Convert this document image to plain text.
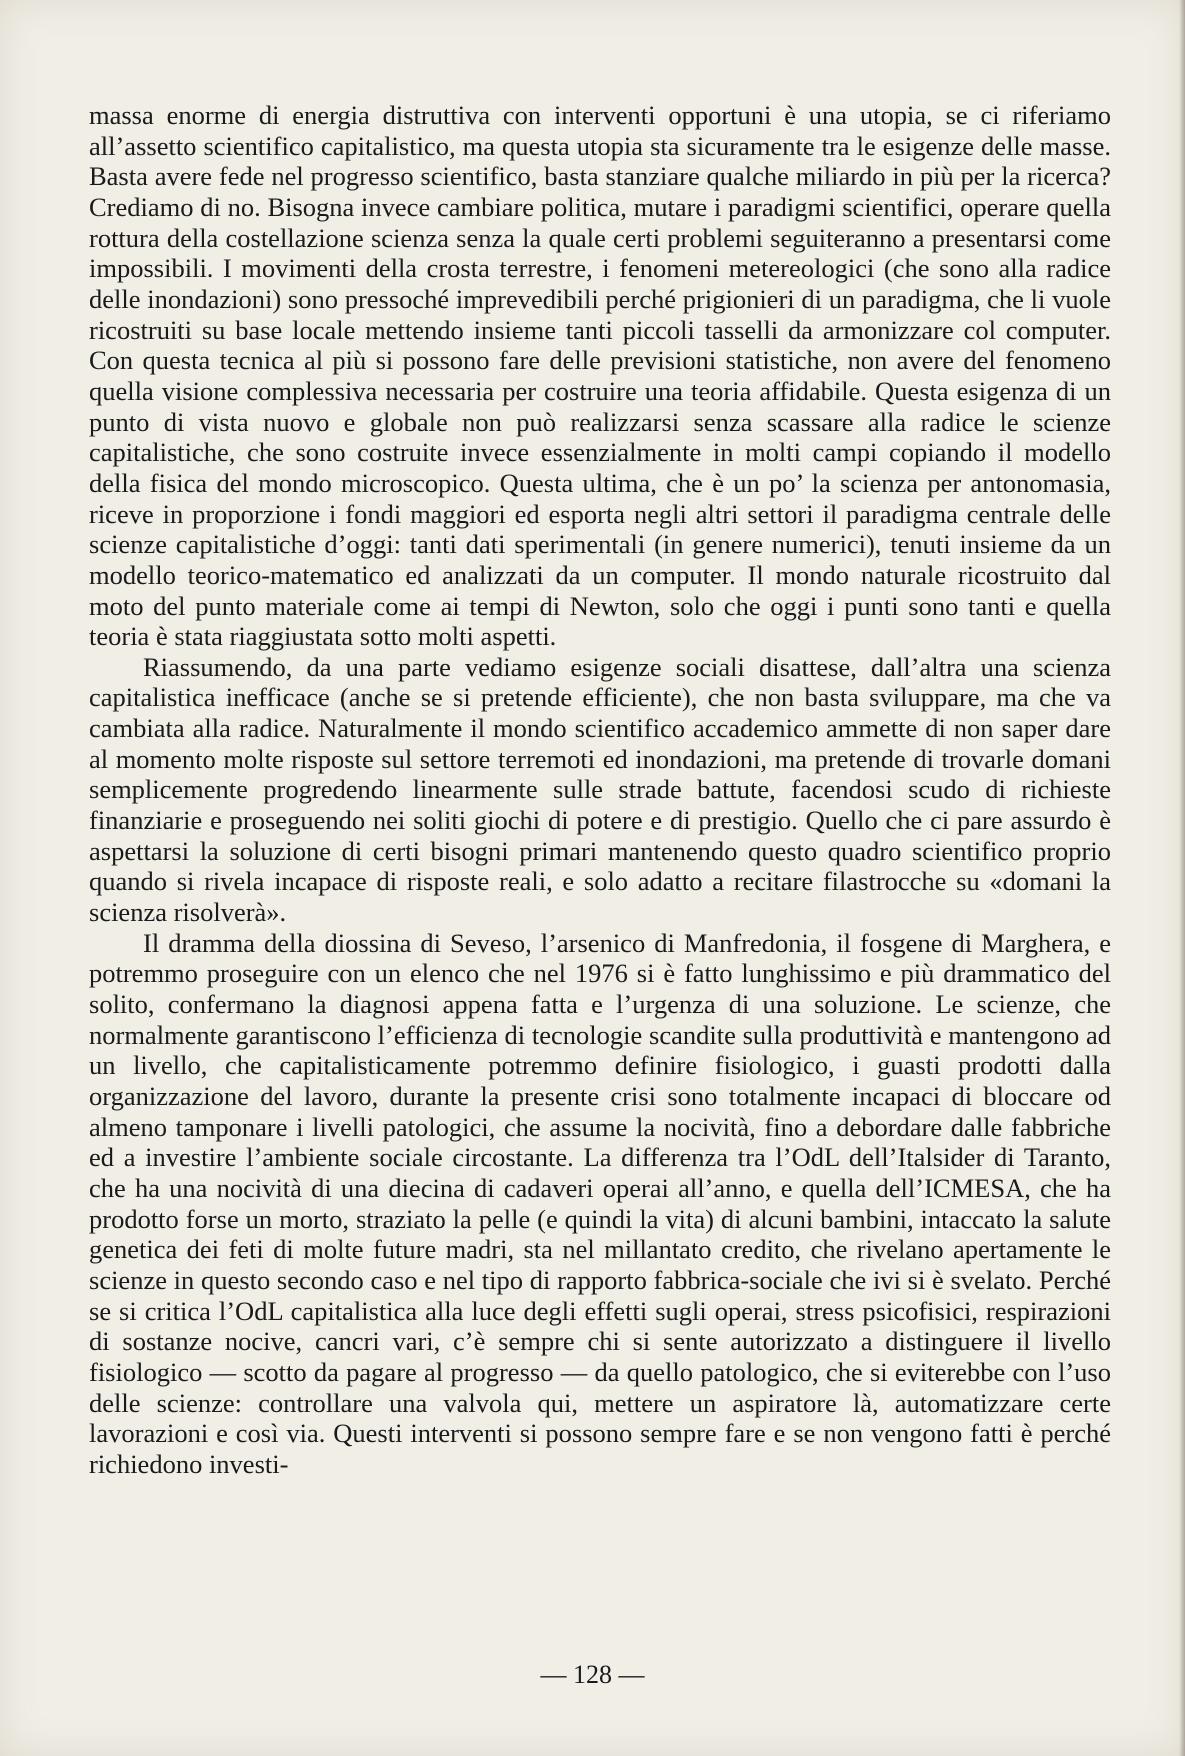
massa enorme di energia distruttiva con interventi opportuni è una utopia, se ci riferiamo all’assetto scientifico capitalistico, ma questa utopia sta sicuramente tra le esigenze delle masse. Basta avere fede nel progresso scientifico, basta stanziare qualche miliardo in più per la ricerca? Crediamo di no. Bisogna invece cambiare politica, mutare i paradigmi scientifici, operare quella rottura della costellazione scienza senza la quale certi problemi seguiteranno a presentarsi come impossibili. I movimenti della crosta terrestre, i fenomeni metereologici (che sono alla radice delle inondazioni) sono pressoché imprevedibili perché prigionieri di un paradigma, che li vuole ricostruiti su base locale mettendo insieme tanti piccoli tasselli da armonizzare col computer. Con questa tecnica al più si possono fare delle previsioni statistiche, non avere del fenomeno quella visione complessiva necessaria per costruire una teoria affidabile. Questa esigenza di un punto di vista nuovo e globale non può realizzarsi senza scassare alla radice le scienze capitalistiche, che sono costruite invece essenzialmente in molti campi copiando il modello della fisica del mondo microscopico. Questa ultima, che è un po’ la scienza per antonomasia, riceve in proporzione i fondi maggiori ed esporta negli altri settori il paradigma centrale delle scienze capitalistiche d’oggi: tanti dati sperimentali (in genere numerici), tenuti insieme da un modello teorico-matematico ed analizzati da un computer. Il mondo naturale ricostruito dal moto del punto materiale come ai tempi di Newton, solo che oggi i punti sono tanti e quella teoria è stata riaggiustata sotto molti aspetti.

Riassumendo, da una parte vediamo esigenze sociali disattese, dall’altra una scienza capitalistica inefficace (anche se si pretende efficiente), che non basta sviluppare, ma che va cambiata alla radice. Naturalmente il mondo scientifico accademico ammette di non saper dare al momento molte risposte sul settore terremoti ed inondazioni, ma pretende di trovarle domani semplicemente progredendo linearmente sulle strade battute, facendosi scudo di richieste finanziarie e proseguendo nei soliti giochi di potere e di prestigio. Quello che ci pare assurdo è aspettarsi la soluzione di certi bisogni primari mantenendo questo quadro scientifico proprio quando si rivela incapace di risposte reali, e solo adatto a recitare filastrocche su «domani la scienza risolverà».

Il dramma della diossina di Seveso, l’arsenico di Manfredonia, il fosgene di Marghera, e potremmo proseguire con un elenco che nel 1976 si è fatto lunghissimo e più drammatico del solito, confermano la diagnosi appena fatta e l’urgenza di una soluzione. Le scienze, che normalmente garantiscono l’efficienza di tecnologie scandite sulla produttività e mantengono ad un livello, che capitalisticamente potremmo definire fisiologico, i guasti prodotti dalla organizzazione del lavoro, durante la presente crisi sono totalmente incapaci di bloccare od almeno tamponare i livelli patologici, che assume la nocività, fino a debordare dalle fabbriche ed a investire l’ambiente sociale circostante. La differenza tra l’OdL dell’Italsider di Taranto, che ha una nocività di una diecina di cadaveri operai all’anno, e quella dell’ICMESA, che ha prodotto forse un morto, straziato la pelle (e quindi la vita) di alcuni bambini, intaccato la salute genetica dei feti di molte future madri, sta nel millantato credito, che rivelano apertamente le scienze in questo secondo caso e nel tipo di rapporto fabbrica-sociale che ivi si è svelato. Perché se si critica l’OdL capitalistica alla luce degli effetti sugli operai, stress psicofisici, respirazioni di sostanze nocive, cancri vari, c’è sempre chi si sente autorizzato a distinguere il livello fisiologico — scotto da pagare al progresso — da quello patologico, che si eviterebbe con l’uso delle scienze: controllare una valvola qui, mettere un aspiratore là, automatizzare certe lavorazioni e così via. Questi interventi si possono sempre fare e se non vengono fatti è perché richiedono investi-

— 128 —
